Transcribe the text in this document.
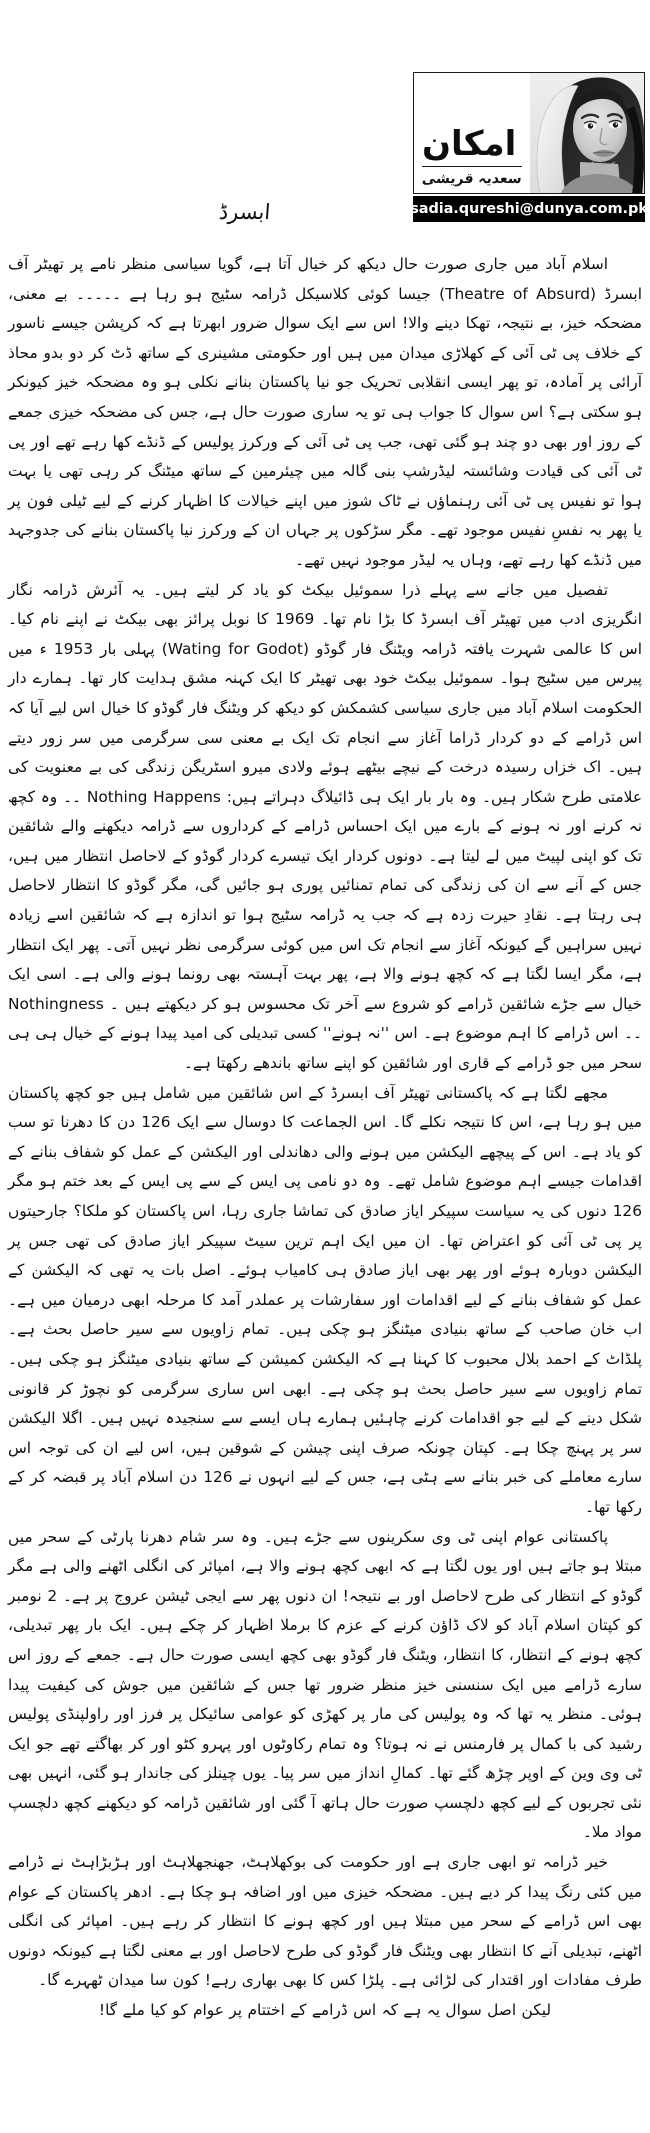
امکان
سعدیہ قریشی
sadia.qureshi@dunya.com.pk
ابسرڈ

اسلام آباد میں جاری صورت حال دیکھ کر خیال آتا ہے، گویا سیاسی منظر نامے پر تھیٹر آف ابسرڈ (Theatre of Absurd) جیسا کوئی کلاسیکل ڈرامہ سٹیج ہو رہا ہے ۔۔۔۔۔ بے معنی، مضحکہ خیز، بے نتیجہ، تھکا دینے والا! اس سے ایک سوال ضرور ابھرتا ہے کہ کرپشن جیسے ناسور کے خلاف پی ٹی آئی کے کھلاڑی میدان میں ہیں اور حکومتی مشینری کے ساتھ ڈٹ کر دو بدو محاذ آرائی پر آمادہ، تو پھر ایسی انقلابی تحریک جو نیا پاکستان بنانے نکلی ہو وہ مضحکہ خیز کیونکر ہو سکتی ہے؟ اس سوال کا جواب ہی تو یہ ساری صورت حال ہے، جس کی مضحکہ خیزی جمعے کے روز اور بھی دو چند ہو گئی تھی، جب پی ٹی آئی کے ورکرز پولیس کے ڈنڈے کھا رہے تھے اور پی ٹی آئی کی قیادت وشائستہ لیڈرشپ بنی گالہ میں چیئرمین کے ساتھ میٹنگ کر رہی تھی یا بہت ہوا تو نفیس پی ٹی آئی رہنماؤں نے ٹاک شوز میں اپنے خیالات کا اظہار کرنے کے لیے ٹیلی فون پر یا پھر بہ نفسِ نفیس موجود تھے۔ مگر سڑکوں پر جہاں ان کے ورکرز نیا پاکستان بنانے کی جدوجہد میں ڈنڈے کھا رہے تھے، وہاں یہ لیڈر موجود نہیں تھے۔

تفصیل میں جانے سے پہلے ذرا سموئیل بیکٹ کو یاد کر لیتے ہیں۔ یہ آئرش ڈرامہ نگار انگریزی ادب میں تھیٹر آف ابسرڈ کا بڑا نام تھا۔ 1969 کا نوبل پرائز بھی بیکٹ نے اپنے نام کیا۔ اس کا عالمی شہرت یافتہ ڈرامہ ویٹنگ فار گوڈو (Wating for Godot) پہلی بار 1953 ء میں پیرس میں سٹیج ہوا۔ سموئیل بیکٹ خود بھی تھیٹر کا ایک کہنہ مشق ہدایت کار تھا۔ ہمارے دار الحکومت اسلام آباد میں جاری سیاسی کشمکش کو دیکھ کر ویٹنگ فار گوڈو کا خیال اس لیے آیا کہ اس ڈرامے کے دو کردار ڈراما آغاز سے انجام تک ایک بے معنی سی سرگرمی میں سر زور دیتے ہیں۔ اک خزاں رسیدہ درخت کے نیچے بیٹھے ہوئے ولادی میرو اسٹریگن زندگی کی بے معنویت کی علامتی طرح شکار ہیں۔ وہ بار بار ایک ہی ڈائیلاگ دہراتے ہیں: Nothing Happens ۔۔ وہ کچھ نہ کرنے اور نہ ہونے کے بارے میں ایک احساس ڈرامے کے کرداروں سے ڈرامہ دیکھنے والے شائقین تک کو اپنی لپیٹ میں لے لیتا ہے۔ دونوں کردار ایک تیسرے کردار گوڈو کے لاحاصل انتظار میں ہیں، جس کے آنے سے ان کی زندگی کی تمام تمنائیں پوری ہو جائیں گی، مگر گوڈو کا انتظار لاحاصل ہی رہتا ہے۔ نقادِ حیرت زدہ ہے کہ جب یہ ڈرامہ سٹیج ہوا تو اندازہ ہے کہ شائقین اسے زیادہ نہیں سراہیں گے کیونکہ آغاز سے انجام تک اس میں کوئی سرگرمی نظر نہیں آتی۔ پھر ایک انتظار ہے، مگر ایسا لگتا ہے کہ کچھ ہونے والا ہے، پھر بہت آہستہ بھی رونما ہونے والی ہے۔ اسی ایک خیال سے جڑے شائقین ڈرامے کو شروع سے آخر تک محسوس ہو کر دیکھتے ہیں ۔ Nothingness ۔۔ اس ڈرامے کا اہم موضوع ہے۔ اس ''نہ ہونے'' کسی تبدیلی کی امید پیدا ہونے کے خیال ہی ہی سحر میں جو ڈرامے کے قاری اور شائقین کو اپنے ساتھ باندھے رکھتا ہے۔

مجھے لگتا ہے کہ پاکستانی تھیٹر آف ابسرڈ کے اس شائقین میں شامل ہیں جو کچھ پاکستان میں ہو رہا ہے، اس کا نتیجہ نکلے گا۔ اس الجماعت کا دوسال سے ایک 126 دن کا دھرنا تو سب کو یاد ہے۔ اس کے پیچھے الیکشن میں ہونے والی دھاندلی اور الیکشن کے عمل کو شفاف بنانے کے اقدامات جیسے اہم موضوع شامل تھے۔ وہ دو نامی پی ایس کے سے پی ایس کے بعد ختم ہو مگر 126 دنوں کی یہ سیاست سپیکر ایاز صادق کی تماشا جاری رہا، اس پاکستان کو ملکا؟ جارحیتوں پر پی ٹی آئی کو اعتراض تھا۔ ان میں ایک اہم ترین سیٹ سپیکر ایاز صادق کی تھی جس پر الیکشن دوبارہ ہوئے اور پھر بھی ایاز صادق ہی کامیاب ہوئے۔ اصل بات یہ تھی کہ الیکشن کے عمل کو شفاف بنانے کے لیے اقدامات اور سفارشات پر عملدر آمد کا مرحلہ ابھی درمیان میں ہے۔ اب خان صاحب کے ساتھ بنیادی میٹنگز ہو چکی ہیں۔ تمام زاویوں سے سیر حاصل بحث ہے۔ پلڈاٹ کے احمد بلال محبوب کا کہنا ہے کہ الیکشن کمیشن کے ساتھ بنیادی میٹنگز ہو چکی ہیں۔ تمام زاویوں سے سیر حاصل بحث ہو چکی ہے۔ ابھی اس ساری سرگرمی کو نچوڑ کر قانونی شکل دینے کے لیے جو اقدامات کرنے چاہئیں ہمارے ہاں ایسے سے سنجیدہ نہیں ہیں۔ اگلا الیکشن سر پر پہنچ چکا ہے۔ کپتان چونکہ صرف اپنی چیشن کے شوقین ہیں، اس لیے ان کی توجہ اس سارے معاملے کی خبر بنانے سے ہٹی ہے، جس کے لیے انہوں نے 126 دن اسلام آباد پر قبضہ کر کے رکھا تھا۔

پاکستانی عوام اپنی ٹی وی سکرینوں سے جڑے ہیں۔ وہ سر شام دھرنا پارٹی کے سحر میں مبتلا ہو جاتے ہیں اور یوں لگتا ہے کہ ابھی کچھ ہونے والا ہے، امپائر کی انگلی اٹھنے والی ہے مگر گوڈو کے انتظار کی طرح لاحاصل اور بے نتیجہ! ان دنوں پھر سے ایجی ٹیشن عروج پر ہے۔ 2 نومبر کو کپتان اسلام آباد کو لاک ڈاؤن کرنے کے عزم کا برملا اظہار کر چکے ہیں۔ ایک بار پھر تبدیلی، کچھ ہونے کے انتظار، کا انتظار، ویٹنگ فار گوڈو بھی کچھ ایسی صورت حال ہے۔ جمعے کے روز اس سارے ڈرامے میں ایک سنسنی خیز منظر ضرور تھا جس کے شائقین میں جوش کی کیفیت پیدا ہوئی۔ منظر یہ تھا کہ وہ پولیس کی مار پر کھڑی کو عوامی سائیکل پر فرز اور راولپنڈی پولیس رشید کی با کمال پر فارمنس نے نہ ہوتا؟ وہ تمام رکاوٹوں اور پہرو کٹو اور کر بھاگتے تھے جو ایک ٹی وی وین کے اوپر چڑھ گئے تھا۔ کمالِ انداز میں سر پیا۔ یوں چینلز کی جاندار ہو گئی، انہیں بھی نئی تجربوں کے لیے کچھ دلچسپ صورت حال ہاتھ آ گئی اور شائقین ڈرامہ کو دیکھنے کچھ دلچسپ مواد ملا۔

خیر ڈرامہ تو ابھی جاری ہے اور حکومت کی بوکھلاہٹ، جھنجھلاہٹ اور ہڑبڑاہٹ نے ڈرامے میں کئی رنگ پیدا کر دیے ہیں۔ مضحکہ خیزی میں اور اضافہ ہو چکا ہے۔ ادھر پاکستان کے عوام بھی اس ڈرامے کے سحر میں مبتلا ہیں اور کچھ ہونے کا انتظار کر رہے ہیں۔ امپائر کی انگلی اٹھنے، تبدیلی آنے کا انتظار بھی ویٹنگ فار گوڈو کی طرح لاحاصل اور بے معنی لگتا ہے کیونکہ دونوں طرف مفادات اور اقتدار کی لڑائی ہے۔ پلڑا کس کا بھی بھاری رہے! کون سا میدان ٹھہرے گا۔

لیکن اصل سوال یہ ہے کہ اس ڈرامے کے اختتام پر عوام کو کیا ملے گا!
